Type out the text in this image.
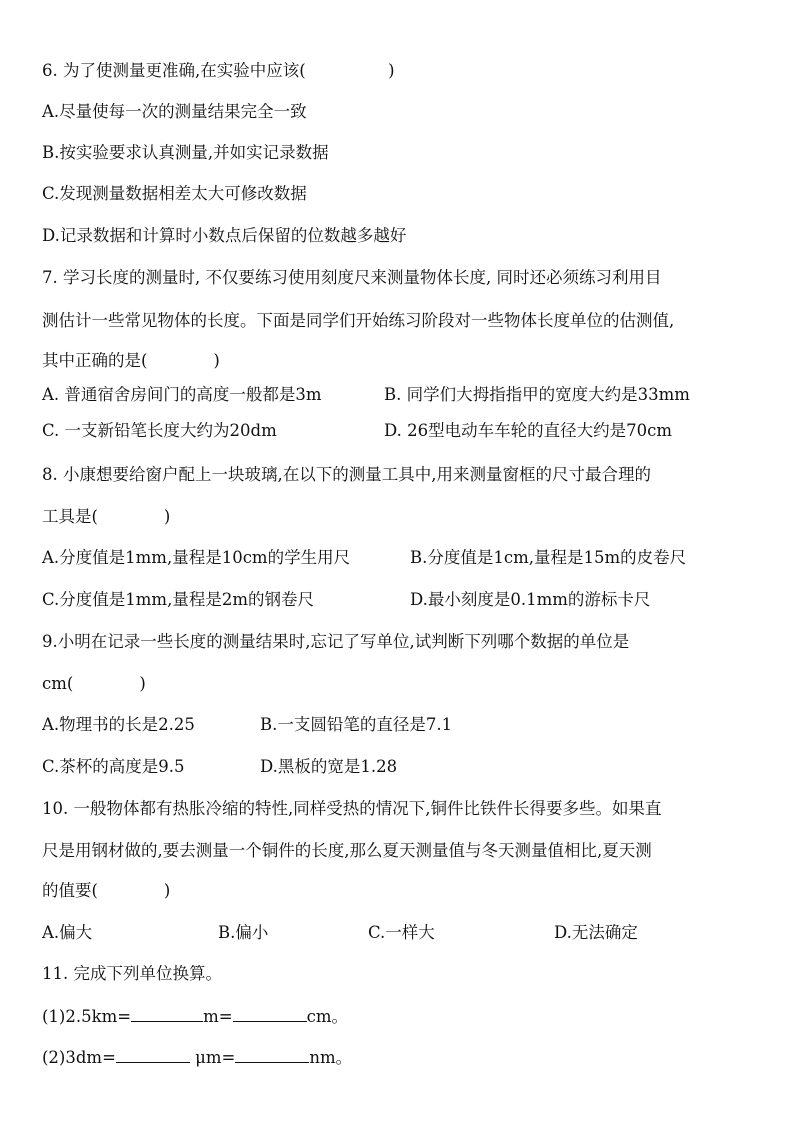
6. 为了使测量更准确,在实验中应该(　　　　　)
A.尽量使每一次的测量结果完全一致
B.按实验要求认真测量,并如实记录数据
C.发现测量数据相差太大可修改数据
D.记录数据和计算时小数点后保留的位数越多越好
7. 学习长度的测量时, 不仅要练习使用刻度尺来测量物体长度, 同时还必须练习利用目
测估计一些常见物体的长度。下面是同学们开始练习阶段对一些物体长度单位的估测值,
其中正确的是(　　　　)
A. 普通宿舍房间门的高度一般都是3m	B. 同学们大拇指指甲的宽度大约是33mm
C. 一支新铅笔长度大约为20dm	D. 26型电动车车轮的直径大约是70cm
8. 小康想要给窗户配上一块玻璃,在以下的测量工具中,用来测量窗框的尺寸最合理的
工具是(　　　　)
A.分度值是1mm,量程是10cm的学生用尺	B.分度值是1cm,量程是15m的皮卷尺
C.分度值是1mm,量程是2m的钢卷尺	D.最小刻度是0.1mm的游标卡尺
9.小明在记录一些长度的测量结果时,忘记了写单位,试判断下列哪个数据的单位是
cm(　　　　)
A.物理书的长是2.25	B.一支圆铅笔的直径是7.1
C.茶杯的高度是9.5	D.黑板的宽是1.28
10. 一般物体都有热胀冷缩的特性,同样受热的情况下,铜件比铁件长得要多些。如果直
尺是用钢材做的,要去测量一个铜件的长度,那么夏天测量值与冬天测量值相比,夏天测
的值要(　　　　)
A.偏大	B.偏小	C.一样大	D.无法确定
11. 完成下列单位换算。
(1)2.5km=	m=	cm。
(2)3dm=	μm=	nm。
